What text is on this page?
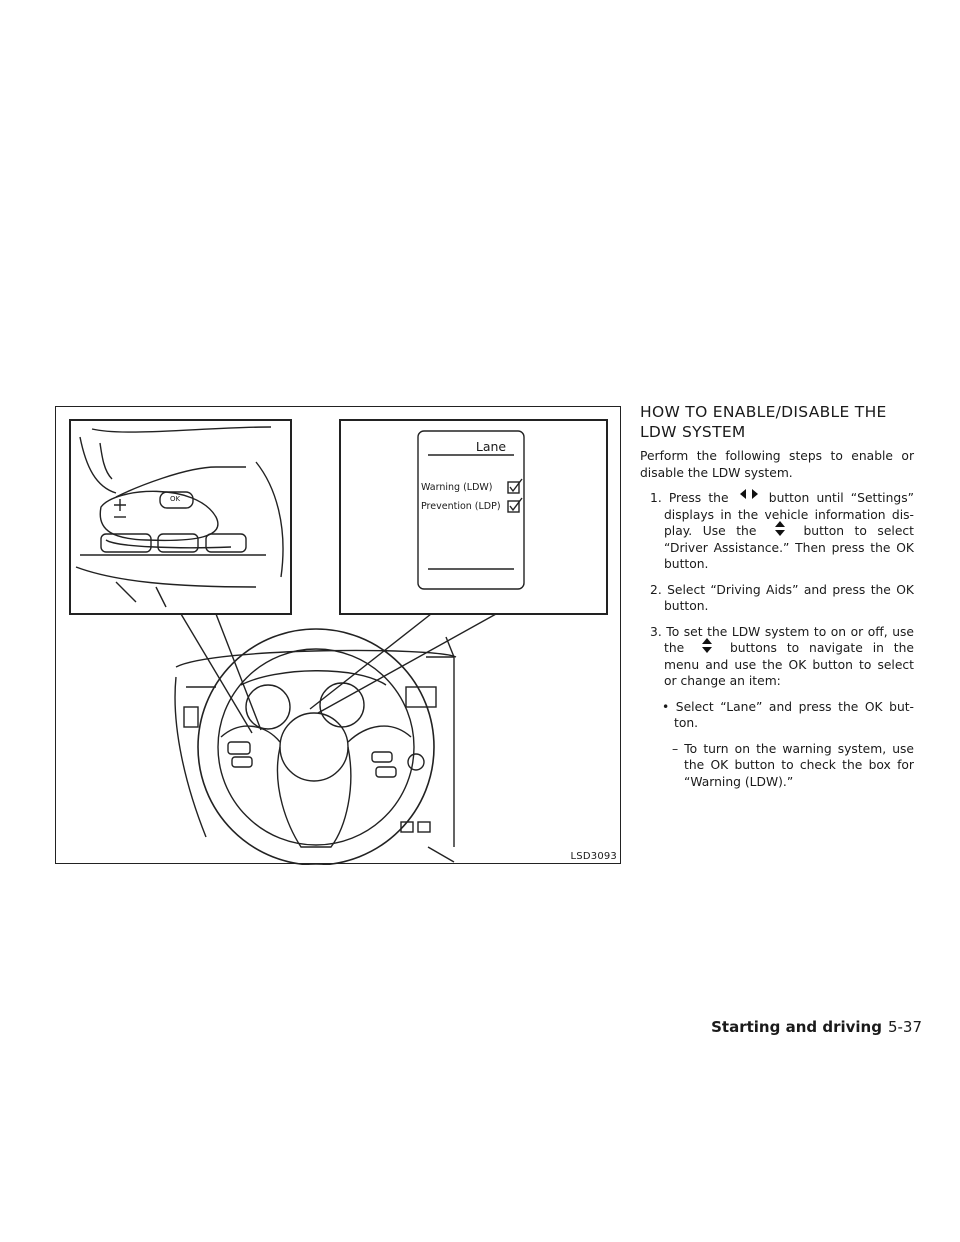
Lane
Warning (LDW)
Prevention (LDP)
OK
LSD3093
HOW TO ENABLE/DISABLE THE
LDW SYSTEM

Perform the following steps to enable or disable the LDW system.

1. Press the	button until “Settings” displays in the vehicle information dis- play. Use the	button to select “Driver Assistance.” Then press the OK button.
2. Select “Driving Aids” and press the OK button.
3. To set the LDW system to on or off, use the	buttons to navigate in the menu and use the OK button to select or change an item:
• Select “Lane” and press the OK but- ton.
– To turn on the warning system, use the OK button to check the box for “Warning (LDW).”
Starting and driving 5-37
